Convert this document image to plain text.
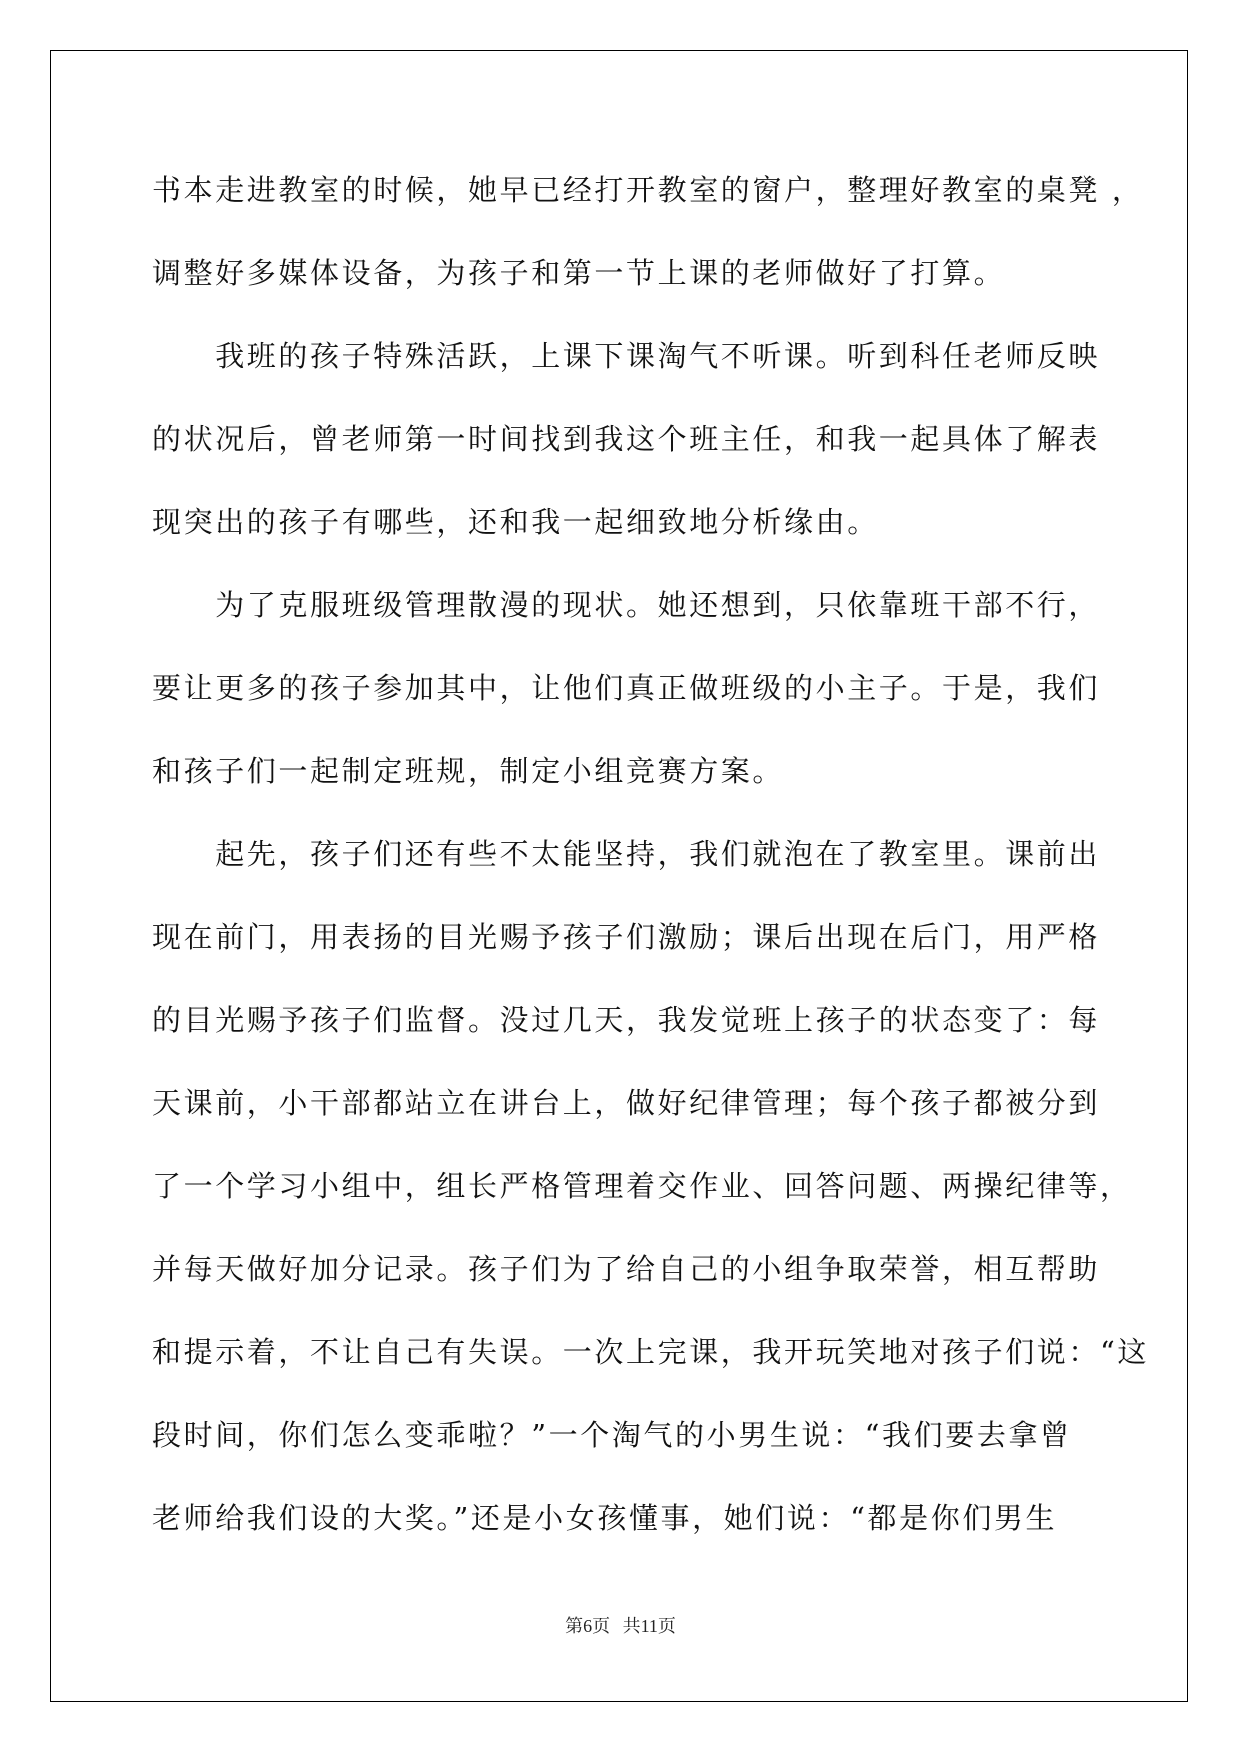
书本走进教室的时候，她早已经打开教室的窗户，整理好教室的桌凳 ，
调整好多媒体设备，为孩子和第一节上课的老师做好了打算。
　　我班的孩子特殊活跃，上课下课淘气不听课。听到科任老师反映
的状况后，曾老师第一时间找到我这个班主任，和我一起具体了解表
现突出的孩子有哪些，还和我一起细致地分析缘由。
　　为了克服班级管理散漫的现状。她还想到，只依靠班干部不行，
要让更多的孩子参加其中，让他们真正做班级的小主子。于是，我们
和孩子们一起制定班规，制定小组竞赛方案。
　　起先，孩子们还有些不太能坚持，我们就泡在了教室里。课前出
现在前门，用表扬的目光赐予孩子们激励；课后出现在后门，用严格
的目光赐予孩子们监督。没过几天，我发觉班上孩子的状态变了：每
天课前，小干部都站立在讲台上，做好纪律管理；每个孩子都被分到
了一个学习小组中，组长严格管理着交作业、回答问题、两操纪律等，
并每天做好加分记录。孩子们为了给自己的小组争取荣誉，相互帮助
和提示着，不让自己有失误。一次上完课，我开玩笑地对孩子们说：“这
段时间，你们怎么变乖啦？”一个淘气的小男生说：“我们要去拿曾
老师给我们设的大奖。”还是小女孩懂事，她们说：“都是你们男生
第6页 共11页
